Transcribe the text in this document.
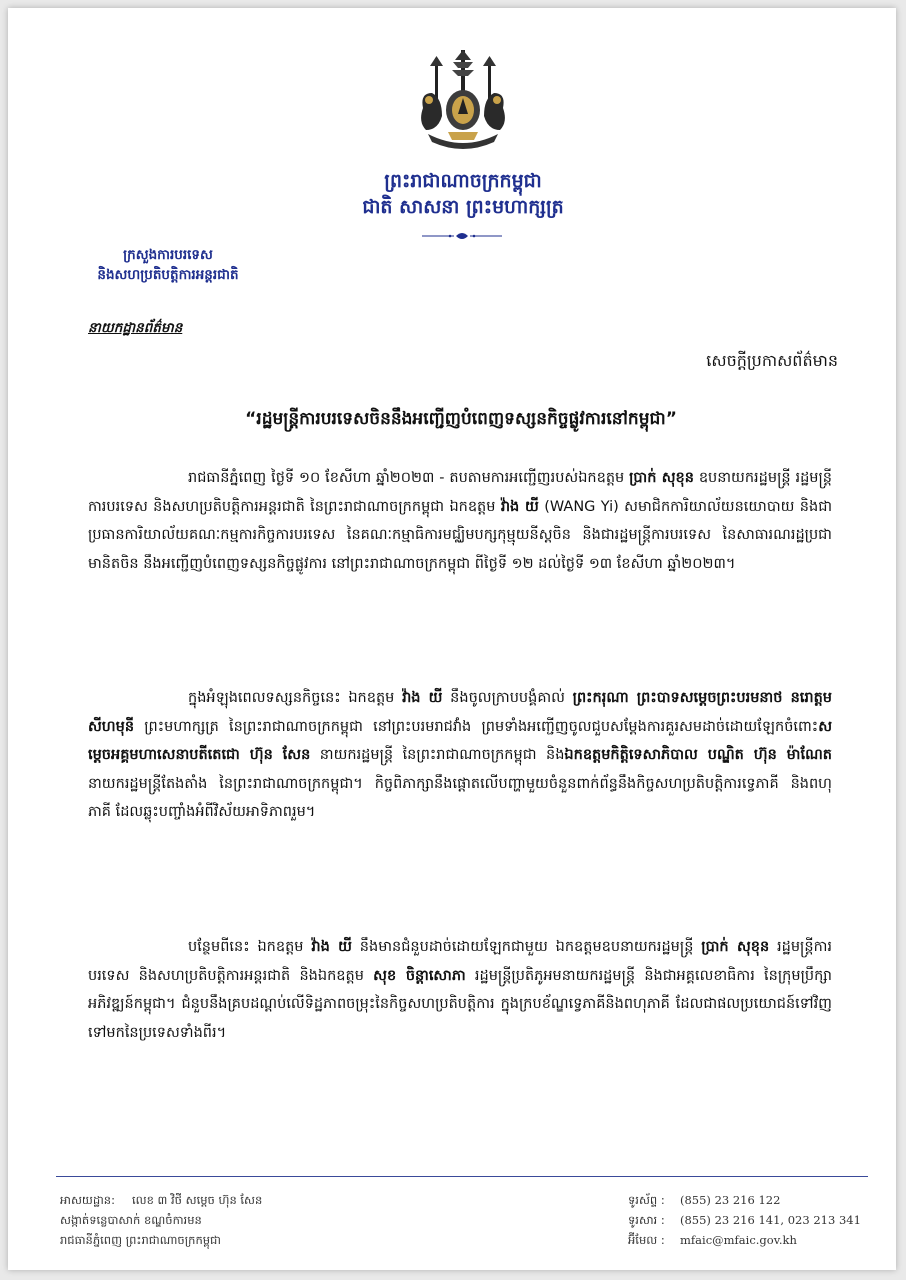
ព្រះរាជាណាចក្រកម្ពុជា
ជាតិ សាសនា ព្រះមហាក្សត្រ
ក្រសួងការបរទេស
និងសហប្រតិបត្តិការអន្តរជាតិ
នាយកដ្ឋានព័ត៌មាន
សេចក្តីប្រកាសព័ត៌មាន
“រដ្ឋមន្ត្រីការបរទេសចិននឹងអញ្ជើញបំពេញទស្សនកិច្ចផ្លូវការនៅកម្ពុជា”

រាជធានីភ្នំពេញ ថ្ងៃទី ១០ ខែសីហា ឆ្នាំ២០២៣ - តបតាមការអញ្ជើញរបស់ឯកឧត្តម ប្រាក់ សុខុន ឧបនាយករដ្ឋមន្ត្រី រដ្ឋមន្ត្រីការបរទេស និងសហប្រតិបត្តិការអន្តរជាតិ នៃព្រះរាជាណាចក្រកម្ពុជា ឯកឧត្តម វ៉ាង យី (WANG Yi) សមាជិកការិយាល័យនយោបាយ និងជាប្រធានការិយាល័យគណៈកម្មការកិច្ចការបរទេស នៃគណៈកម្មាធិការមជ្ឈិមបក្សកុម្មុយនីស្តចិន និងជារដ្ឋមន្ត្រីការបរទេស នៃសាធារណរដ្ឋប្រជាមានិតចិន នឹងអញ្ជើញបំពេញទស្សនកិច្ចផ្លូវការ នៅព្រះរាជាណាចក្រកម្ពុជា ពីថ្ងៃទី ១២ ដល់ថ្ងៃទី ១៣ ខែសីហា ឆ្នាំ២០២៣។

ក្នុងអំឡុងពេលទស្សនកិច្ចនេះ ឯកឧត្តម វ៉ាង យី នឹងចូលក្រាបបង្គំគាល់ ព្រះករុណា ព្រះបាទសម្តេចព្រះបរមនាថ នរោត្តម សីហមុនី ព្រះមហាក្សត្រ នៃព្រះរាជាណាចក្រកម្ពុជា នៅព្រះបរមរាជវាំង ព្រមទាំងអញ្ជើញចូលជួបសម្តែងការគួរសមដាច់ដោយឡែកចំពោះសម្តេចអគ្គមហាសេនាបតីតេជោ ហ៊ុន សែន នាយករដ្ឋមន្ត្រី នៃព្រះរាជាណាចក្រកម្ពុជា និងឯកឧត្តមកិត្តិទេសាភិបាល បណ្ឌិត ហ៊ុន ម៉ាណែត នាយករដ្ឋមន្ត្រីតែងតាំង នៃព្រះរាជាណាចក្រកម្ពុជា។ កិច្ចពិភាក្សានឹងផ្តោតលើបញ្ហាមួយចំនួនពាក់ព័ន្ធនឹងកិច្ចសហប្រតិបត្តិការទ្វេភាគី និងពហុភាគី ដែលឆ្លុះបញ្ចាំងអំពីវិស័យអាទិភាពរួម។

បន្ថែមពីនេះ ឯកឧត្តម វ៉ាង យី នឹងមានជំនួបដាច់ដោយឡែកជាមួយ ឯកឧត្តមឧបនាយករដ្ឋមន្ត្រី ប្រាក់ សុខុន រដ្ឋមន្ត្រីការបរទេស និងសហប្រតិបត្តិការអន្តរជាតិ និងឯកឧត្តម សុខ ចិន្តាសោភា រដ្ឋមន្ត្រីប្រតិភូអមនាយករដ្ឋមន្ត្រី និងជាអគ្គលេខាធិការ នៃក្រុមប្រឹក្សាអភិវឌ្ឍន៍កម្ពុជា។ ជំនួបនឹងគ្របដណ្តប់លើទិដ្ឋភាពចម្រុះនៃកិច្ចសហប្រតិបត្តិការ ក្នុងក្របខ័ណ្ឌទ្វេភាគីនិងពហុភាគី ដែលជាផលប្រយោជន៍ទៅវិញទៅមកនៃប្រទេសទាំងពីរ។

អាសយដ្ឋាន: លេខ ៣ វិថី សម្តេច ហ៊ុន សែន
សង្កាត់ទន្លេបាសាក់ ខណ្ឌចំការមន
រាជធានីភ្នំពេញ ព្រះរាជាណាចក្រកម្ពុជា
ទូរស័ព្ទ : (855) 23 216 122
ទូរសារ : (855) 23 216 141, 023 213 341
អ៊ីមែល : mfaic@mfaic.gov.kh
